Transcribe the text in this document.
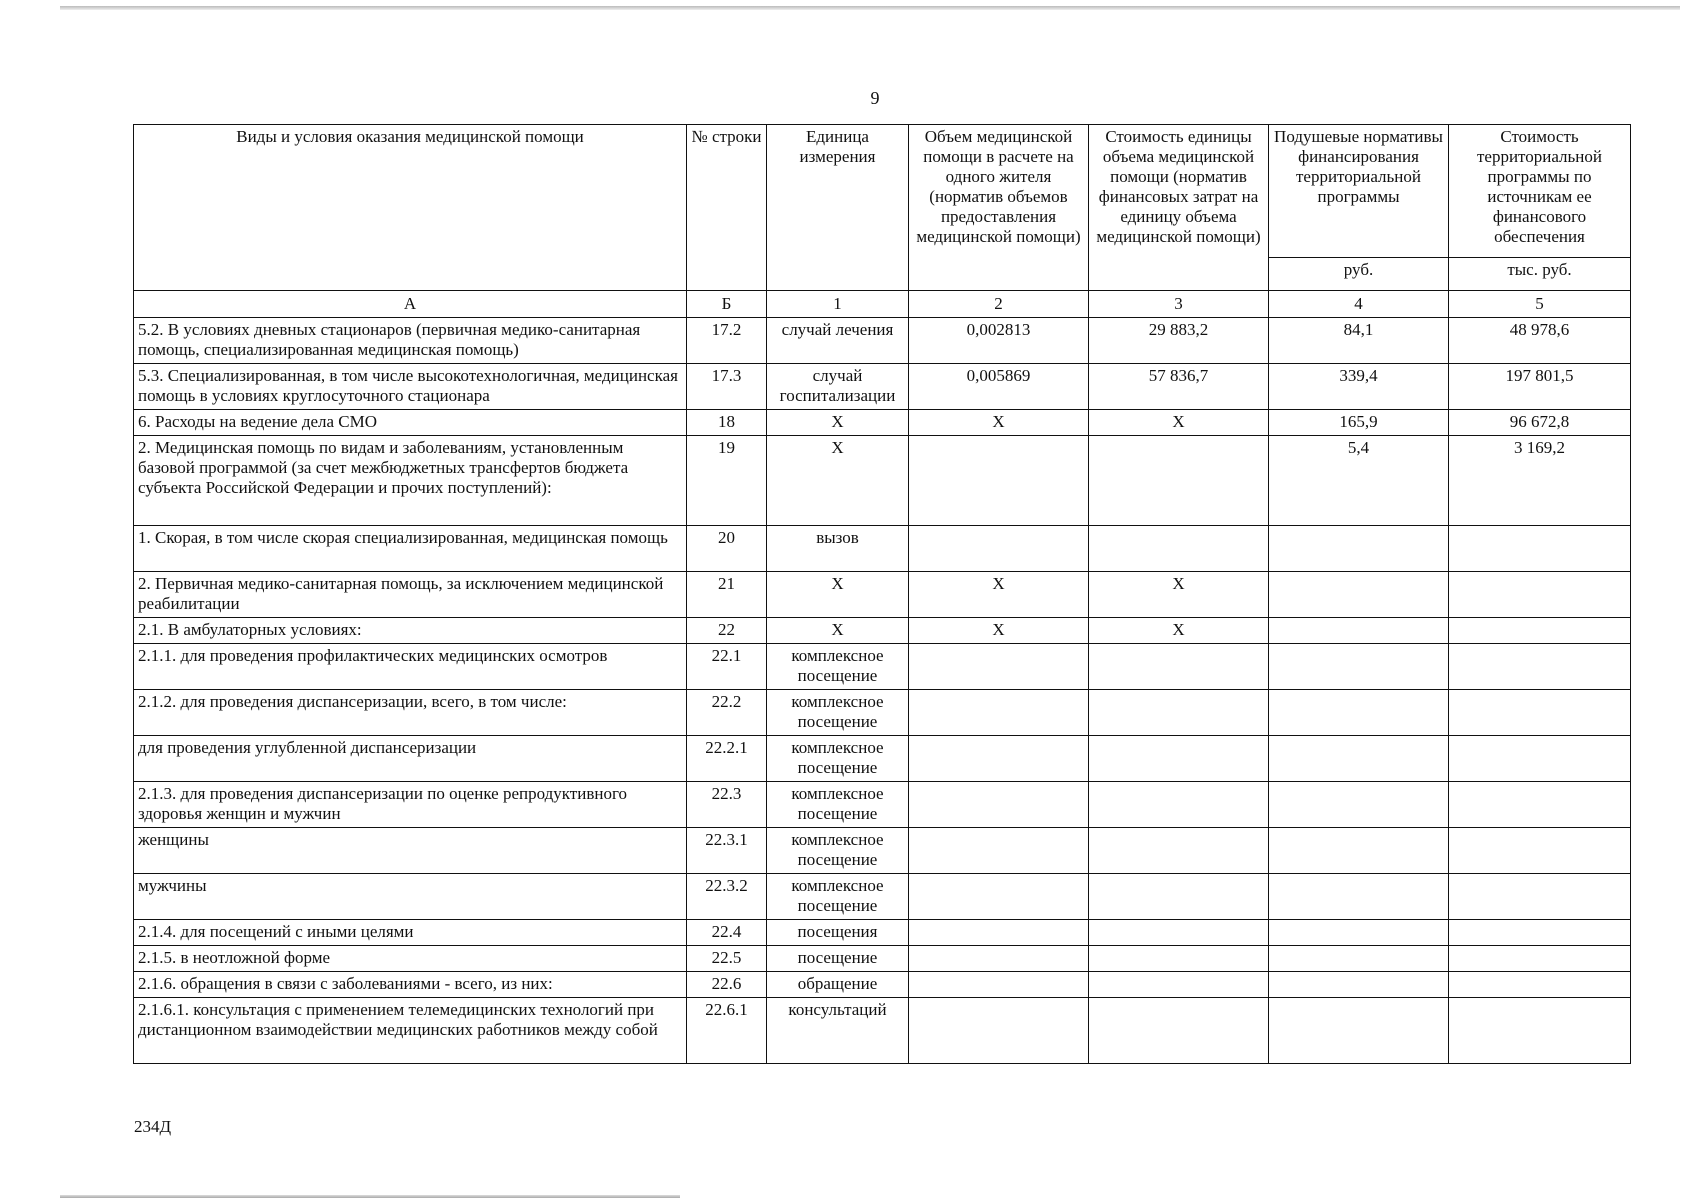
9
Виды и условия оказания медицинской помощи	№ строки	Единица измерения	Объем медицинской помощи в расчете на одного жителя (норматив объемов предоставления медицинской помощи)	Стоимость единицы объема медицинской помощи (норматив финансовых затрат на единицу объема медицинской помощи)	Подушевые нормативы финансирования территориальной программы	Стоимость территориальной программы по источникам ее финансового обеспечения
					руб.	тыс. руб.
А	Б	1	2	3	4	5
5.2. В условиях дневных стационаров (первичная медико-санитарная помощь, специализированная медицинская помощь)	17.2	случай лечения	0,002813	29 883,2	84,1	48 978,6
5.3. Специализированная, в том числе высокотехнологичная, медицинская помощь в условиях круглосуточного стационара	17.3	случай госпитализации	0,005869	57 836,7	339,4	197 801,5
6. Расходы на ведение дела СМО	18	X	X	X	165,9	96 672,8
2. Медицинская помощь по видам и заболеваниям, установленным базовой программой (за счет межбюджетных трансфертов бюджета субъекта Российской Федерации и прочих поступлений):	19	X			5,4	3 169,2
1. Скорая, в том числе скорая специализированная, медицинская помощь	20	вызов				
2. Первичная медико-санитарная помощь, за исключением медицинской реабилитации	21	X	X	X		
2.1. В амбулаторных условиях:	22	X	X	X		
2.1.1. для проведения профилактических медицинских осмотров	22.1	комплексное посещение				
2.1.2. для проведения диспансеризации, всего, в том числе:	22.2	комплексное посещение				
для проведения углубленной диспансеризации	22.2.1	комплексное посещение				
2.1.3. для проведения диспансеризации по оценке репродуктивного здоровья женщин и мужчин	22.3	комплексное посещение				
женщины	22.3.1	комплексное посещение				
мужчины	22.3.2	комплексное посещение				
2.1.4. для посещений с иными целями	22.4	посещения				
2.1.5. в неотложной форме	22.5	посещение				
2.1.6. обращения в связи с заболеваниями - всего, из них:	22.6	обращение				
2.1.6.1. консультация с применением телемедицинских технологий при дистанционном взаимодействии медицинских работников между собой	22.6.1	консультаций				
234Д
